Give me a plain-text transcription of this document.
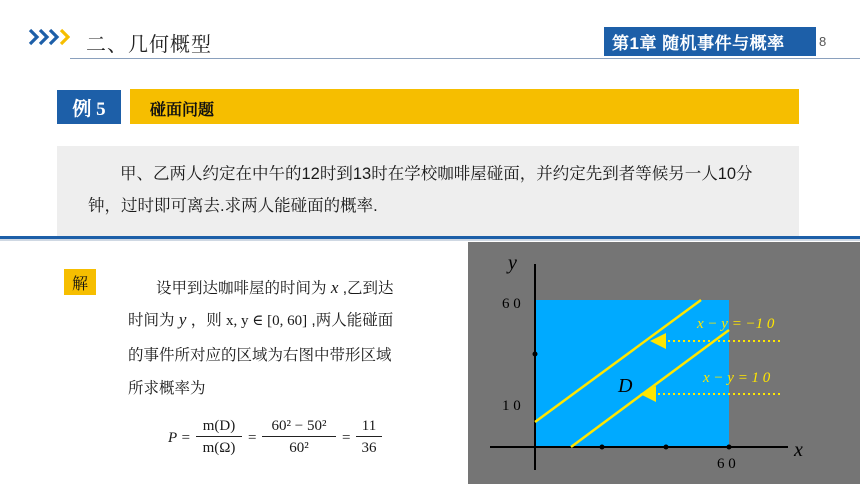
二、几何概型	第1章 随机事件与概率	8
例 5	碰面问题
甲、乙两人约定在中午的12时到13时在学校咖啡屋碰面，并约定先到者等候另一人10分钟，过时即可离去.求两人能碰面的概率.
解	设甲到达咖啡屋的时间为 x ,乙到达
时间为 y ，则 x, y ∈ [0, 60] ,两人能碰面
的事件所对应的区域为右图中带形区域
所求概率为
$P = \frac{m(D)}{m(\Omega)} = \frac{\text{60² − 50²}}{\text{60²}} = \frac{11}{36}$
y
x
6 0
1 0
6 0
D
x − y = −1 0
x − y = 1 0
